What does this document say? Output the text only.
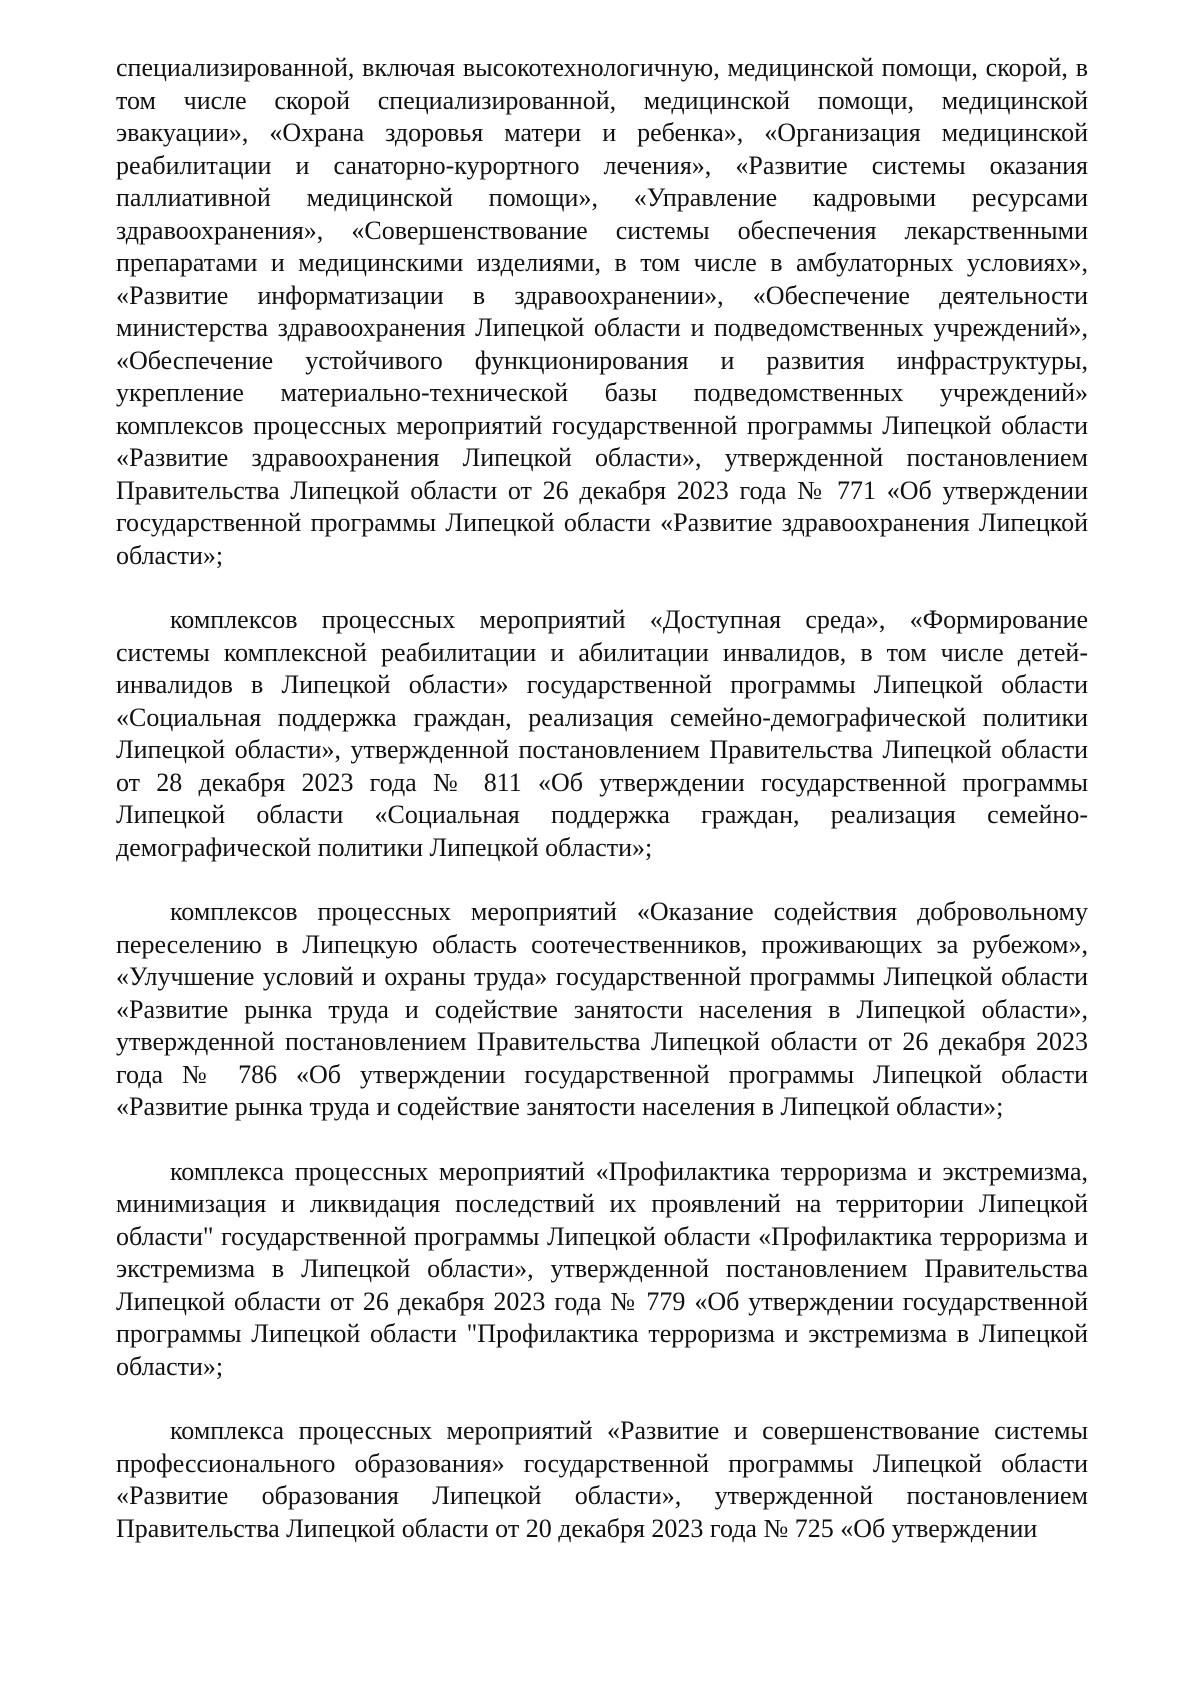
специализированной, включая высокотехнологичную, медицинской помощи, скорой, в том числе скорой специализированной, медицинской помощи, медицинской эвакуации», «Охрана здоровья матери и ребенка», «Организация медицинской реабилитации и санаторно-курортного лечения», «Развитие системы оказания паллиативной медицинской помощи», «Управление кадровыми ресурсами здравоохранения», «Совершенствование системы обеспечения лекарственными препаратами и медицинскими изделиями, в том числе в амбулаторных условиях», «Развитие информатизации в здравоохранении», «Обеспечение деятельности министерства здравоохранения Липецкой области и подведомственных учреждений», «Обеспечение устойчивого функционирования и развития инфраструктуры, укрепление материально-технической базы подведомственных учреждений» комплексов процессных мероприятий государственной программы Липецкой области «Развитие здравоохранения Липецкой области», утвержденной постановлением Правительства Липецкой области от 26 декабря 2023 года № 771 «Об утверждении государственной программы Липецкой области «Развитие здравоохранения Липецкой области»;

комплексов процессных мероприятий «Доступная среда», «Формирование системы комплексной реабилитации и абилитации инвалидов, в том числе детей-инвалидов в Липецкой области» государственной программы Липецкой области «Социальная поддержка граждан, реализация семейно-демографической политики Липецкой области», утвержденной постановлением Правительства Липецкой области от 28 декабря 2023 года № 811 «Об утверждении государственной программы Липецкой области «Социальная поддержка граждан, реализация семейно-демографической политики Липецкой области»;

комплексов процессных мероприятий «Оказание содействия добровольному переселению в Липецкую область соотечественников, проживающих за рубежом», «Улучшение условий и охраны труда» государственной программы Липецкой области «Развитие рынка труда и содействие занятости населения в Липецкой области», утвержденной постановлением Правительства Липецкой области от 26 декабря 2023 года № 786 «Об утверждении государственной программы Липецкой области «Развитие рынка труда и содействие занятости населения в Липецкой области»;

комплекса процессных мероприятий «Профилактика терроризма и экстремизма, минимизация и ликвидация последствий их проявлений на территории Липецкой области" государственной программы Липецкой области «Профилактика терроризма и экстремизма в Липецкой области», утвержденной постановлением Правительства Липецкой области от 26 декабря 2023 года № 779 «Об утверждении государственной программы Липецкой области "Профилактика терроризма и экстремизма в Липецкой области»;

комплекса процессных мероприятий «Развитие и совершенствование системы профессионального образования» государственной программы Липецкой области «Развитие образования Липецкой области», утвержденной постановлением Правительства Липецкой области от 20 декабря 2023 года № 725 «Об утверждении
